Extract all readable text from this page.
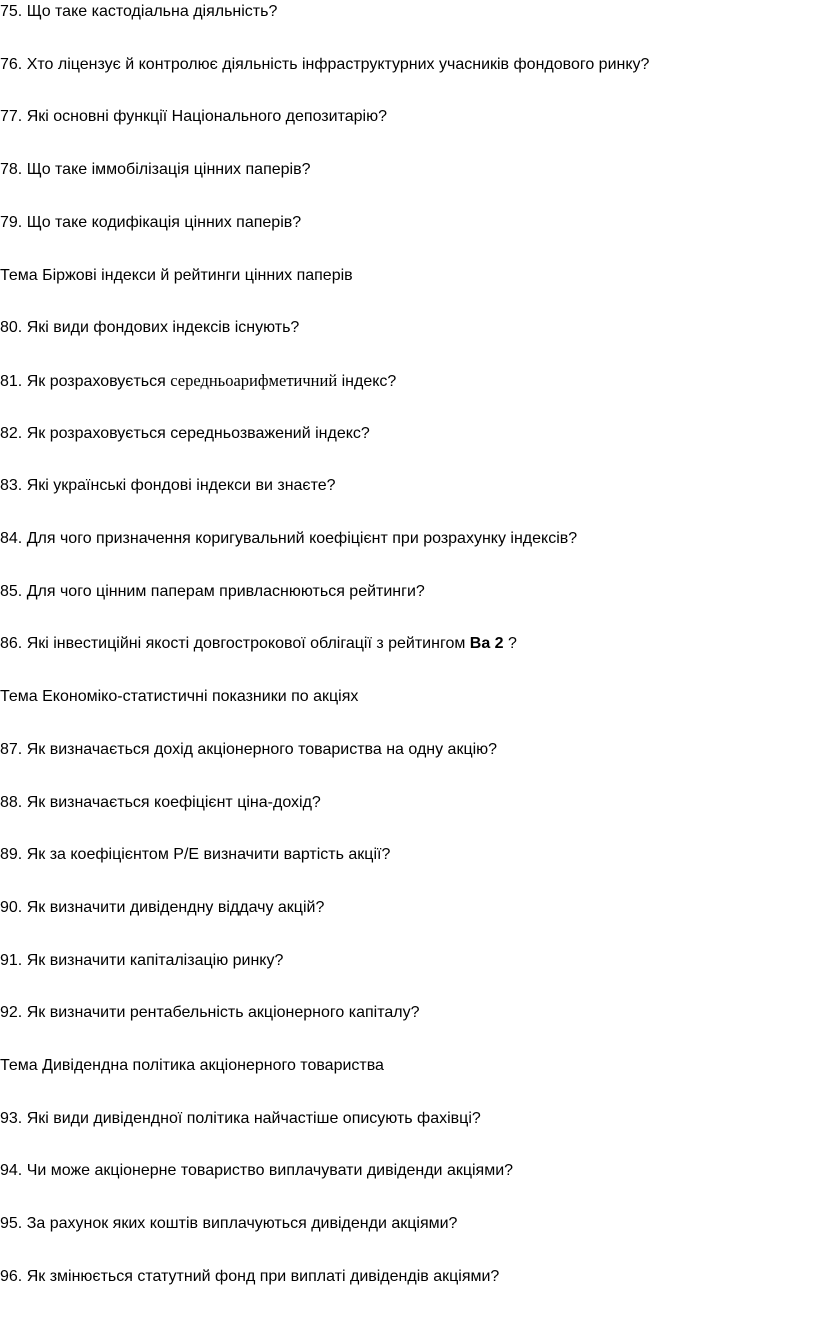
75. Що таке кастодіальна діяльність?
76. Хто ліцензує й контролює діяльність інфраструктурних учасників фондового ринку?
77. Які основні функції Національного депозитарію?
78. Що таке іммобілізація цінних паперів?
79. Що таке кодифікація цінних паперів?
Тема Біржові індекси й рейтинги цінних паперів
80. Які види фондових індексів існують?
81. Як розраховується середньоарифметичний індекс?
82. Як розраховується середньозважений індекс?
83. Які українські фондові індекси ви знаєте?
84. Для чого призначення коригувальний коефіцієнт при розрахунку індексів?
85. Для чого цінним паперам привласнюються рейтинги?
86. Які інвестиційні якості довгострокової облігації з рейтингом Ва 2 ?
Тема Економіко-статистичні показники по акціях
87. Як визначається дохід акціонерного товариства на одну акцію?
88. Як визначається коефіцієнт ціна-дохід?
89. Як за коефіцієнтом Р/Е визначити вартість акції?
90. Як визначити дивідендну віддачу акцій?
91. Як визначити капіталізацію ринку?
92. Як визначити рентабельність акціонерного капіталу?
Тема Дивідендна політика акціонерного товариства
93. Які види дивідендної політика найчастіше описують фахівці?
94. Чи може акціонерне товариство виплачувати дивіденди акціями?
95. За рахунок яких коштів виплачуються дивіденди акціями?
96. Як змінюється статутний фонд при виплаті дивідендів акціями?
